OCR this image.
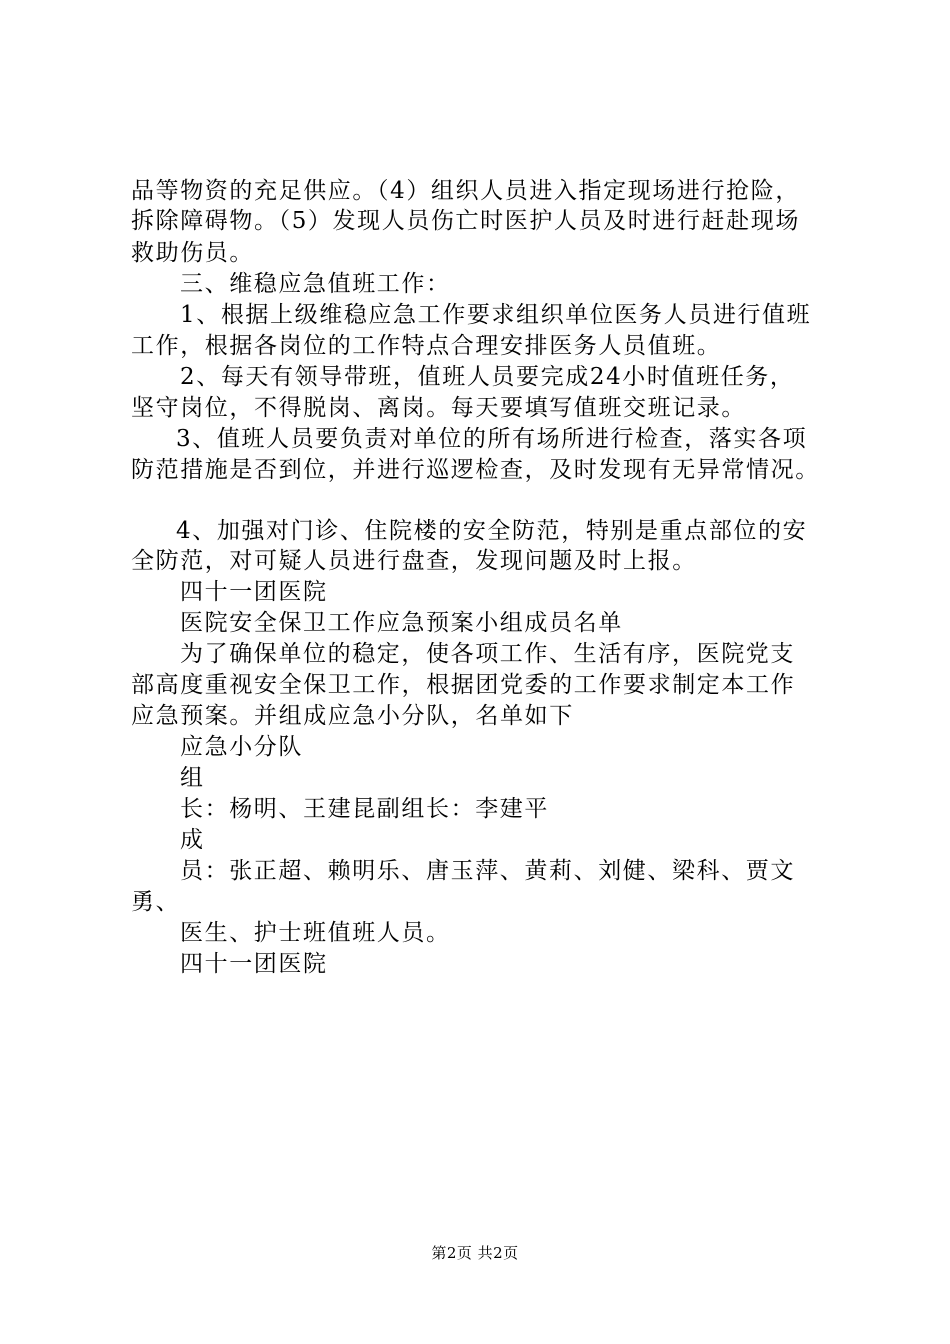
品等物资的充足供应。（4）组织人员进入指定现场进行抢险，
拆除障碍物。（5）发现人员伤亡时医护人员及时进行赶赴现场
救助伤员。
三、维稳应急值班工作：
1、根据上级维稳应急工作要求组织单位医务人员进行值班
工作，根据各岗位的工作特点合理安排医务人员值班。
2、每天有领导带班，值班人员要完成24小时值班任务，
坚守岗位，不得脱岗、离岗。每天要填写值班交班记录。
3、值班人员要负责对单位的所有场所进行检查，落实各项
防范措施是否到位，并进行巡逻检查，及时发现有无异常情况。
4、加强对门诊、住院楼的安全防范，特别是重点部位的安
全防范，对可疑人员进行盘查，发现问题及时上报。
四十一团医院
医院安全保卫工作应急预案小组成员名单
为了确保单位的稳定，使各项工作、生活有序，医院党支
部高度重视安全保卫工作，根据团党委的工作要求制定本工作
应急预案。并组成应急小分队，名单如下
应急小分队
组
长：杨明、王建昆副组长：李建平
成
员：张正超、赖明乐、唐玉萍、黄莉、刘健、梁科、贾文
勇、
医生、护士班值班人员。
四十一团医院
第2页 共2页
